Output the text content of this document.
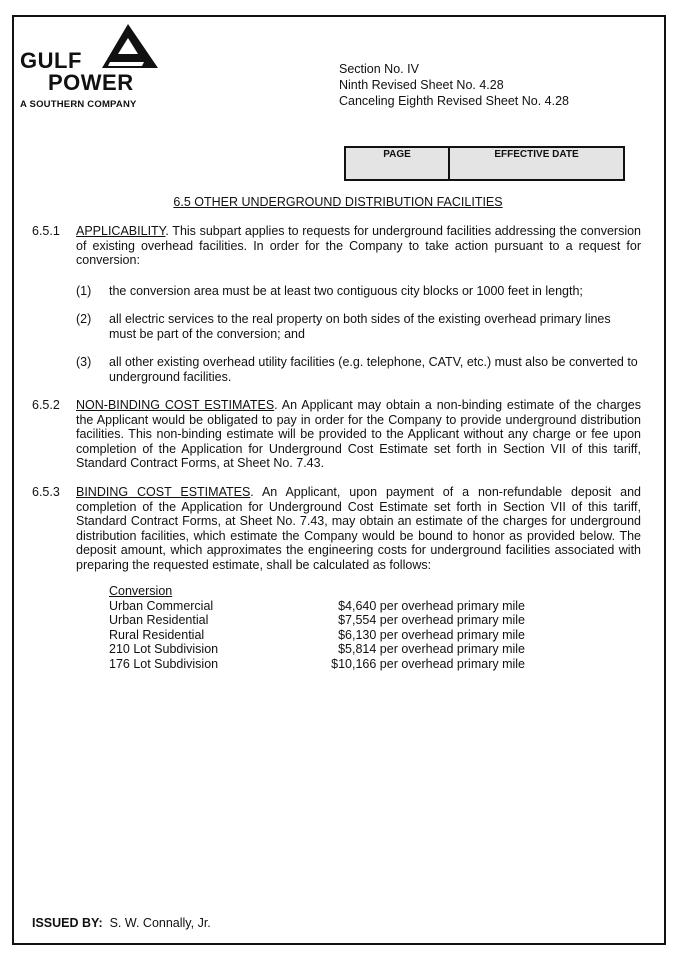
GULF
POWER
A SOUTHERN COMPANY
Section No. IV
Ninth Revised Sheet No. 4.28
Canceling Eighth Revised Sheet No. 4.28
PAGE	EFFECTIVE DATE
6.5 OTHER UNDERGROUND DISTRIBUTION FACILITIES
6.5.1 APPLICABILITY. This subpart applies to requests for underground facilities addressing the conversion of existing overhead facilities. In order for the Company to take action pursuant to a request for conversion:
(1) the conversion area must be at least two contiguous city blocks or 1000 feet in length;
(2) all electric services to the real property on both sides of the existing overhead primary lines must be part of the conversion; and
(3) all other existing overhead utility facilities (e.g. telephone, CATV, etc.) must also be converted to underground facilities.
6.5.2 NON-BINDING COST ESTIMATES. An Applicant may obtain a non-binding estimate of the charges the Applicant would be obligated to pay in order for the Company to provide underground distribution facilities. This non-binding estimate will be provided to the Applicant without any charge or fee upon completion of the Application for Underground Cost Estimate set forth in Section VII of this tariff, Standard Contract Forms, at Sheet No. 7.43.
6.5.3 BINDING COST ESTIMATES. An Applicant, upon payment of a non-refundable deposit and completion of the Application for Underground Cost Estimate set forth in Section VII of this tariff, Standard Contract Forms, at Sheet No. 7.43, may obtain an estimate of the charges for underground distribution facilities, which estimate the Company would be bound to honor as provided below. The deposit amount, which approximates the engineering costs for underground facilities associated with preparing the requested estimate, shall be calculated as follows:
Conversion
Urban Commercial	$4,640 per overhead primary mile
Urban Residential	$7,554 per overhead primary mile
Rural Residential	$6,130 per overhead primary mile
210 Lot Subdivision	$5,814 per overhead primary mile
176 Lot Subdivision	$10,166 per overhead primary mile
ISSUED BY: S. W. Connally, Jr.
